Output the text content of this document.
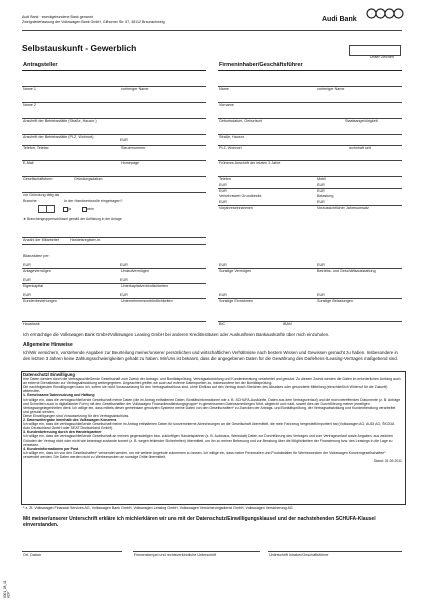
Audi Bank · zweckgebundene Bank genannt
Zweigniederlassung der Volkswagen Bank GmbH, Gifhorner Str. 57, 38112 Braunschweig	Audi Bank
Selbstauskunft - Gewerblich
Unser Zeichen
Antragsteller	Firmeninhaber/Geschäftsführer
Name 1	vorheriger Name
Name 2
Anschrift der Betriebsstätte (Straße, Hausnr.)
Anschrift der Betriebsstätte (PLZ, Wohnort)
EUR
Telefon, Telefax	Steuernummer
E-Mail	Homepage
Gesellschaftsform	Gründungsdatum
vor Gründung tätig als
Branche	In der Handwerksrolle eingetragen?
ja	nein
★ Branchengruppenschlüssel gemäß der Auflistung in der Anlage
Anzahl der Mitarbeiter	Handelsregister-nr.
Bilanzdaten per:
EUR	EUR
Anlagevermögen	Umlaufvermögen
EUR	EUR
Eigenkapital	Unterkapitalverbindlichkeiten
EUR	EUR
Kundenbeziehungen	Unternehmensverbindlichkeiten
Hausbank
Name	vorheriger Name
Vorname
Geburtsdatum, Geburtsort	Staatsangehörigkeit
Straße, Hausnr.
PLZ, Wohnort	wohnhaft seit
Früheres Anschrift der letzten 3 Jahre
Telefon	Mobil
EUR	EUR
EUR	EUR
Verkehrswert Grundbesitz	Belastung
EUR	EUR
Vorjahreseinnahmen	Voraussichtlicher Jahresumsatz
EUR	EUR
Sonstige Vermögen	Betriebs- und Geschäftsausstattung
EUR	EUR
Sonstige Einnahmen	Sonstige Belastungen
BIC	IBAN
Ich ermächtige die Volkswagen Bank GmbH/Volkswagen Leasing GmbH bei anderen Kreditinstituten oder Auskunfteien Bankauskünfte über mich einzuholen.
Allgemeine Hinweise
Ich/Wir versichern, vorstehende Angaben zur Beurteilung meiner/unserer persönlichen und wirtschaftlichen Verhältnisse nach bestem Wissen und Gewissen gemacht zu haben. Insbesondere in den letzten 3 Jahren keine Zahlungsschwierigkeiten gehabt zu haben. Mir/Uns ist bekannt, dass die angegebenen Daten für die Gewährung des Darlehens-/Leasing-Vertrages maßgebend sind.
Datenschutz/ Einwilligung
Ihre Daten werden durch die Vertragsschließende Gesellschaft zum Zweck der Antrags- und Bonitätsprüfung, Vertragsabwicklung und Kundenberatung verarbeitet und genutzt. Zu diesem Zweck werden die Daten im erforderlichen Umfang auch an externe Dienstleister zur Vertragsabwicklung weitergegeben. Ungeachtet greifen wir auch auf externe Datenquellen zu, insbesondere bei der Bonitätsprüfung.
Die nachfolgenden Einwilligungen kann ich, sofern sie nicht Voraussetzung für den Vertragsabschluss sind, ohne Einfluss auf den Vertrag durch Streichen des Absatzes oder gesonderte Mitteilung (einschließlich Widerruf für die Zukunft) widerrufen.
1. Gemeinsame Datennutzung und Haftung
Ich willige ein, dass die vertragsschließende Gesellschaft meine Daten (die im Antrag enthaltenen Daten, Bonitätsinformationen wie z. B. SCHUFA-Auskünfte, Daten aus dem Vertragsverlauf) und die mich betreffenden Dokumente (z. B. Anträge und Schreiben auch in digitalisierter Form) mit den Gesellschaften der Volkswagen Finanzdienstleistungsgruppe* in gemeinsamen Datensammlungen führt, abgleicht und nutzt, soweit dies der Durchführung meiner jeweiligen Vertragsangelegenheiten dient. Ich willige ein, dass mittels dieser gemeinsam genutzten Systeme meine Daten von den Gesellschaften* zu Zwecken der Antrags- und Bonitätsprüfung, der Vertragsabwicklung und Kundenberatung verarbeitet und genutzt werden.
Diese Einwilligungen sind Voraussetzung für den Vertragsabschluss.
2. Datenweitergabe innerhalb des Volkswagen Konzerns
Ich willige ein, dass die vertragsschließende Gesellschaft meine im Antrag enthaltenen Daten für konzerninterne Abrechnungen an die Gesellschaft übermittelt, die mein Fahrzeug hergestellt/importiert hat (Volkswagen AG, AUDI AG, ŠKODA Auto Deutschland GmbH oder SEAT Deutschland GmbH).
3. Kundenbetreuung durch den Handelspartner
Ich willige ein, dass die vertragsschließende Gesellschaft an meinen gegenwärtigen bzw. zukünftigen Handelspartner (z. B. Autohaus, Werkstatt) Daten zur Durchführung des Vertrages und zum Vertragsverlauf sowie Angaben, aus welchen Gründen der Vertrag nicht oder nicht wie beantragt zustande kommt (z. B. wegen fehlender Sicherheiten) übermittelt, um ihn zu meiner Betreuung und zur Beratung über die Möglichkeiten der Finanzierung bzw. des Leasings in die Lage zu versetzen.
4. Kundeninformationen per Post
Ich willige ein, dass ich von den Gesellschaften* verwendet werden, um mir weitere Angebote zukommen zu lassen. Ich willige ein, dass meine Personalien und Produktdaten für Werbezwecken der Volkswagen Konzerngesellschaften* verwendet werden. Die Daten werden nicht zu Werbezwecken an sonstige Dritte übermittelt.
Stand: 01.09.2011
* z. Zt. Volkswagen Financial Services AG, Volkswagen Bank GmbH, Volkswagen Leasing GmbH, Volkswagen Versicherungsdienst GmbH, Volkswagen Versicherung AG
Mit meiner/unserer Unterschrift erkläre ich mich/erklären wir uns mit der Datenschutz/Einwilligungsklausel und der nachstehenden SCHUFA-Klausel einverstanden.
Ort, Datum	Firmenstempel und rechtsverbindliche Unterschrift	Unterschrift Inhaber/Geschäftsführer
0001_08_11 ADP
